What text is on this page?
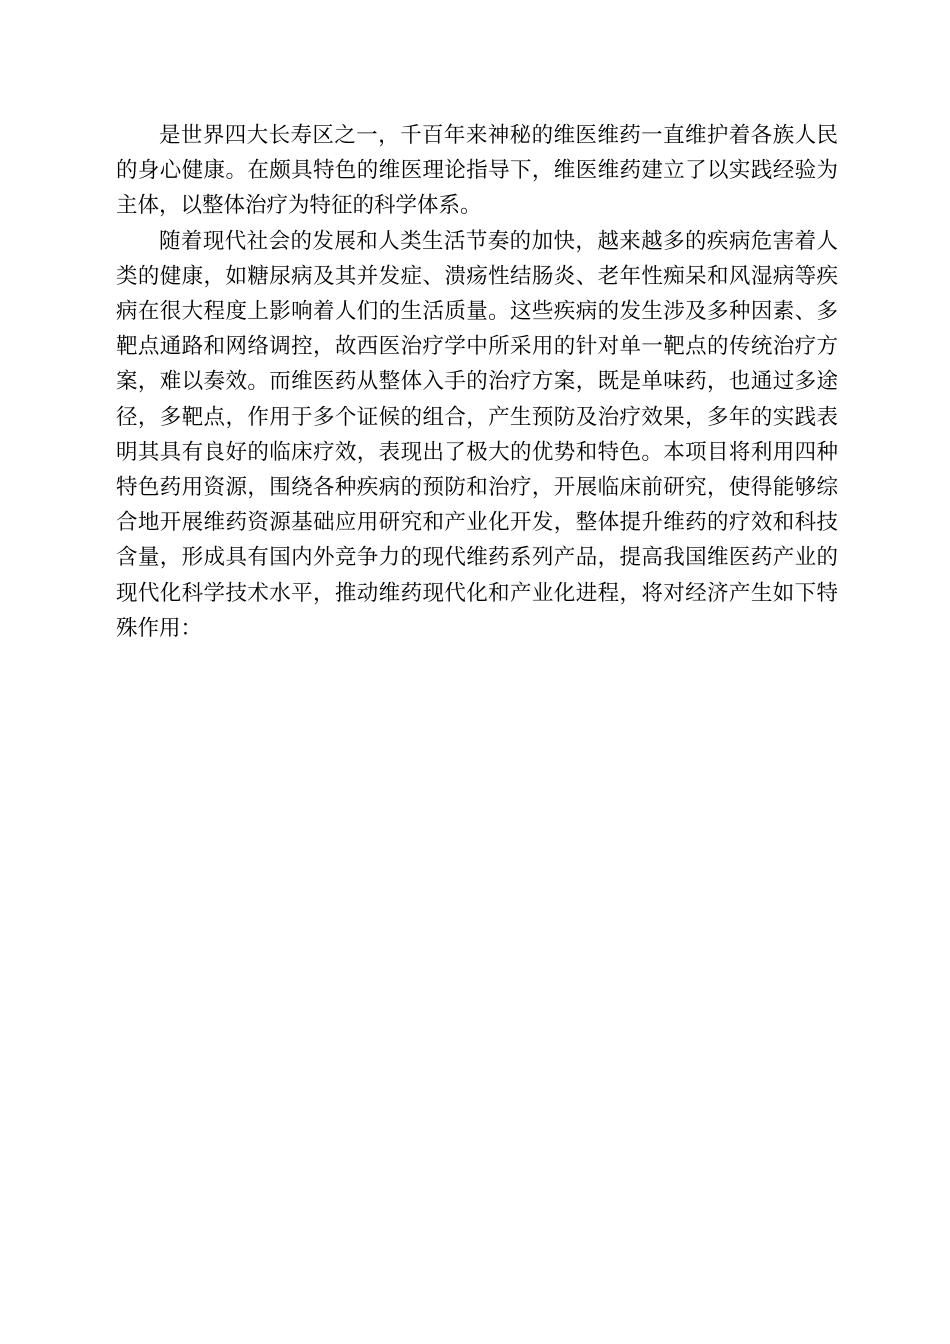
是世界四大长寿区之一，千百年来神秘的维医维药一直维护着各族人民的身心健康。在颇具特色的维医理论指导下，维医维药建立了以实践经验为主体，以整体治疗为特征的科学体系。

随着现代社会的发展和人类生活节奏的加快，越来越多的疾病危害着人类的健康，如糖尿病及其并发症、溃疡性结肠炎、老年性痴呆和风湿病等疾病在很大程度上影响着人们的生活质量。这些疾病的发生涉及多种因素、多靶点通路和网络调控，故西医治疗学中所采用的针对单一靶点的传统治疗方案，难以奏效。而维医药从整体入手的治疗方案，既是单味药，也通过多途径，多靶点，作用于多个证候的组合，产生预防及治疗效果，多年的实践表明其具有良好的临床疗效，表现出了极大的优势和特色。本项目将利用四种特色药用资源，围绕各种疾病的预防和治疗，开展临床前研究，使得能够综合地开展维药资源基础应用研究和产业化开发，整体提升维药的疗效和科技含量，形成具有国内外竞争力的现代维药系列产品，提高我国维医药产业的现代化科学技术水平，推动维药现代化和产业化进程，将对经济产生如下特殊作用：
